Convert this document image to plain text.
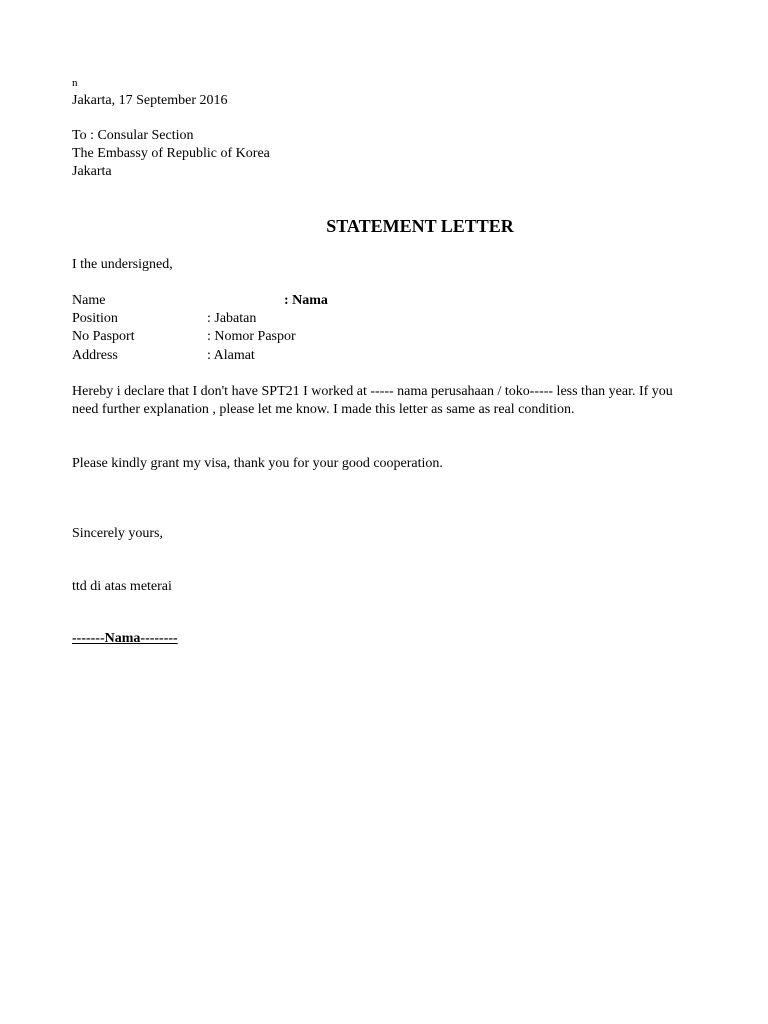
n
Jakarta, 17 September 2016
To : Consular Section
The Embassy of Republic of Korea
Jakarta
STATEMENT LETTER
I the undersigned,
Name	: Nama
Position	: Jabatan
No Pasport	: Nomor Paspor
Address	: Alamat
Hereby i declare that I don't have SPT21 I worked at ----- nama perusahaan / toko----- less than year. If you need further explanation , please let me know. I made this letter as same as real condition.
Please kindly grant my visa, thank you for your good cooperation.
Sincerely yours,
ttd di atas meterai
-------Nama--------
